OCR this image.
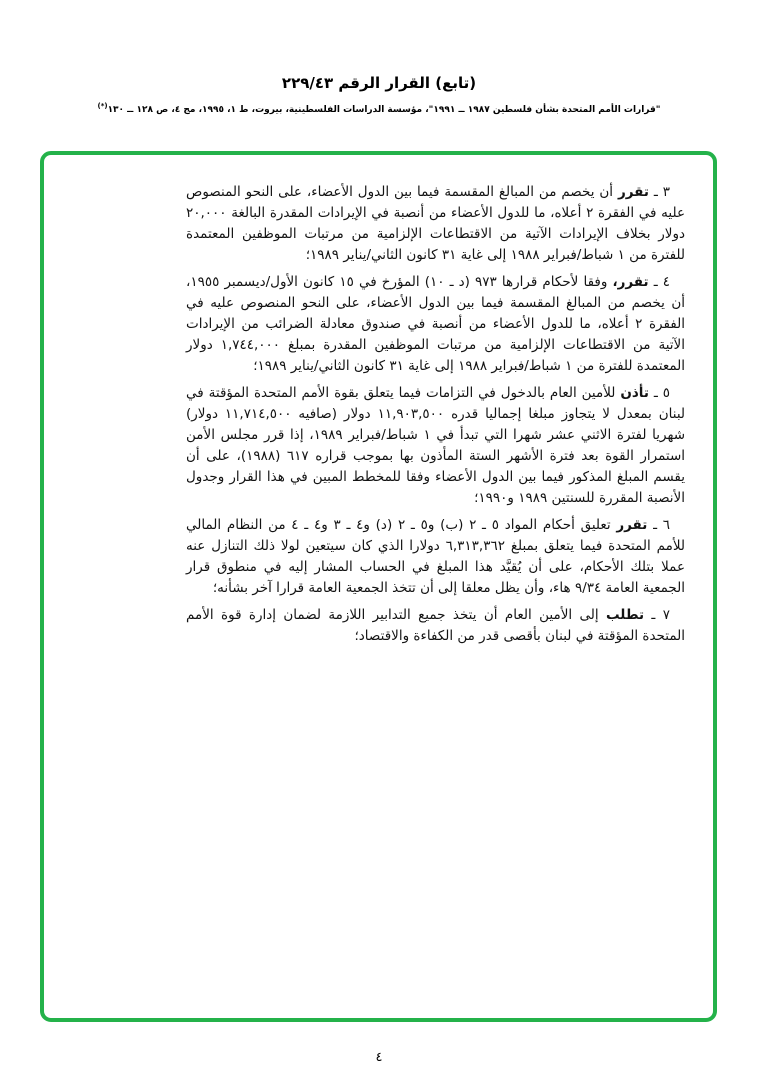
(تابع) القرار الرقم ٢٢٩/٤٣
"قرارات الأمم المتحدة بشأن فلسطين ١٩٨٧ ــ ١٩٩١"، مؤسسة الدراسات الفلسطينية، بيروت، ط ١، ١٩٩٥، مج ٤، ص ١٢٨ ــ ١٣٠(*)

٣ ـ تقرر أن يخصم من المبالغ المقسمة فيما بين الدول الأعضاء، على النحو المنصوص عليه في الفقرة ٢ أعلاه، ما للدول الأعضاء من أنصبة في الإيرادات المقدرة البالغة ٢٠,٠٠٠ دولار بخلاف الإيرادات الآتية من الاقتطاعات الإلزامية من مرتبات الموظفين المعتمدة للفترة من ١ شباط/فبراير ١٩٨٨ إلى غاية ٣١ كانون الثاني/يناير ١٩٨٩؛

٤ ـ تقرر، وفقا لأحكام قرارها ٩٧٣ (د ـ ١٠) المؤرخ في ١٥ كانون الأول/ديسمبر ١٩٥٥، أن يخصم من المبالغ المقسمة فيما بين الدول الأعضاء، على النحو المنصوص عليه في الفقرة ٢ أعلاه، ما للدول الأعضاء من أنصبة في صندوق معادلة الضرائب من الإيرادات الآتية من الاقتطاعات الإلزامية من مرتبات الموظفين المقدرة بمبلغ ١,٧٤٤,٠٠٠ دولار المعتمدة للفترة من ١ شباط/فبراير ١٩٨٨ إلى غاية ٣١ كانون الثاني/يناير ١٩٨٩؛

٥ ـ تأذن للأمين العام بالدخول في التزامات فيما يتعلق بقوة الأمم المتحدة المؤقتة في لبنان بمعدل لا يتجاوز مبلغا إجماليا قدره ١١,٩٠٣,٥٠٠ دولار (صافيه ١١,٧١٤,٥٠٠ دولار) شهريا لفترة الاثني عشر شهرا التي تبدأ في ١ شباط/فبراير ١٩٨٩، إذا قرر مجلس الأمن استمرار القوة بعد فترة الأشهر الستة المأذون بها بموجب قراره ٦١٧ (١٩٨٨)، على أن يقسم المبلغ المذكور فيما بين الدول الأعضاء وفقا للمخطط المبين في هذا القرار وجدول الأنصبة المقررة للسنتين ١٩٨٩ و١٩٩٠؛

٦ ـ تقرر تعليق أحكام المواد ٥ ـ ٢ (ب) و٥ ـ ٢ (د) و٤ ـ ٣ و٤ ـ ٤ من النظام المالي للأمم المتحدة فيما يتعلق بمبلغ ٦,٣١٣,٣٦٢ دولارا الذي كان سيتعين لولا ذلك التنازل عنه عملا بتلك الأحكام، على أن يُقيَّد هذا المبلغ في الحساب المشار إليه في منطوق قرار الجمعية العامة ٩/٣٤ هاء، وأن يظل معلقا إلى أن تتخذ الجمعية العامة قرارا آخر بشأنه؛

٧ ـ تطلب إلى الأمين العام أن يتخذ جميع التدابير اللازمة لضمان إدارة قوة الأمم المتحدة المؤقتة في لبنان بأقصى قدر من الكفاءة والاقتصاد؛

٤
